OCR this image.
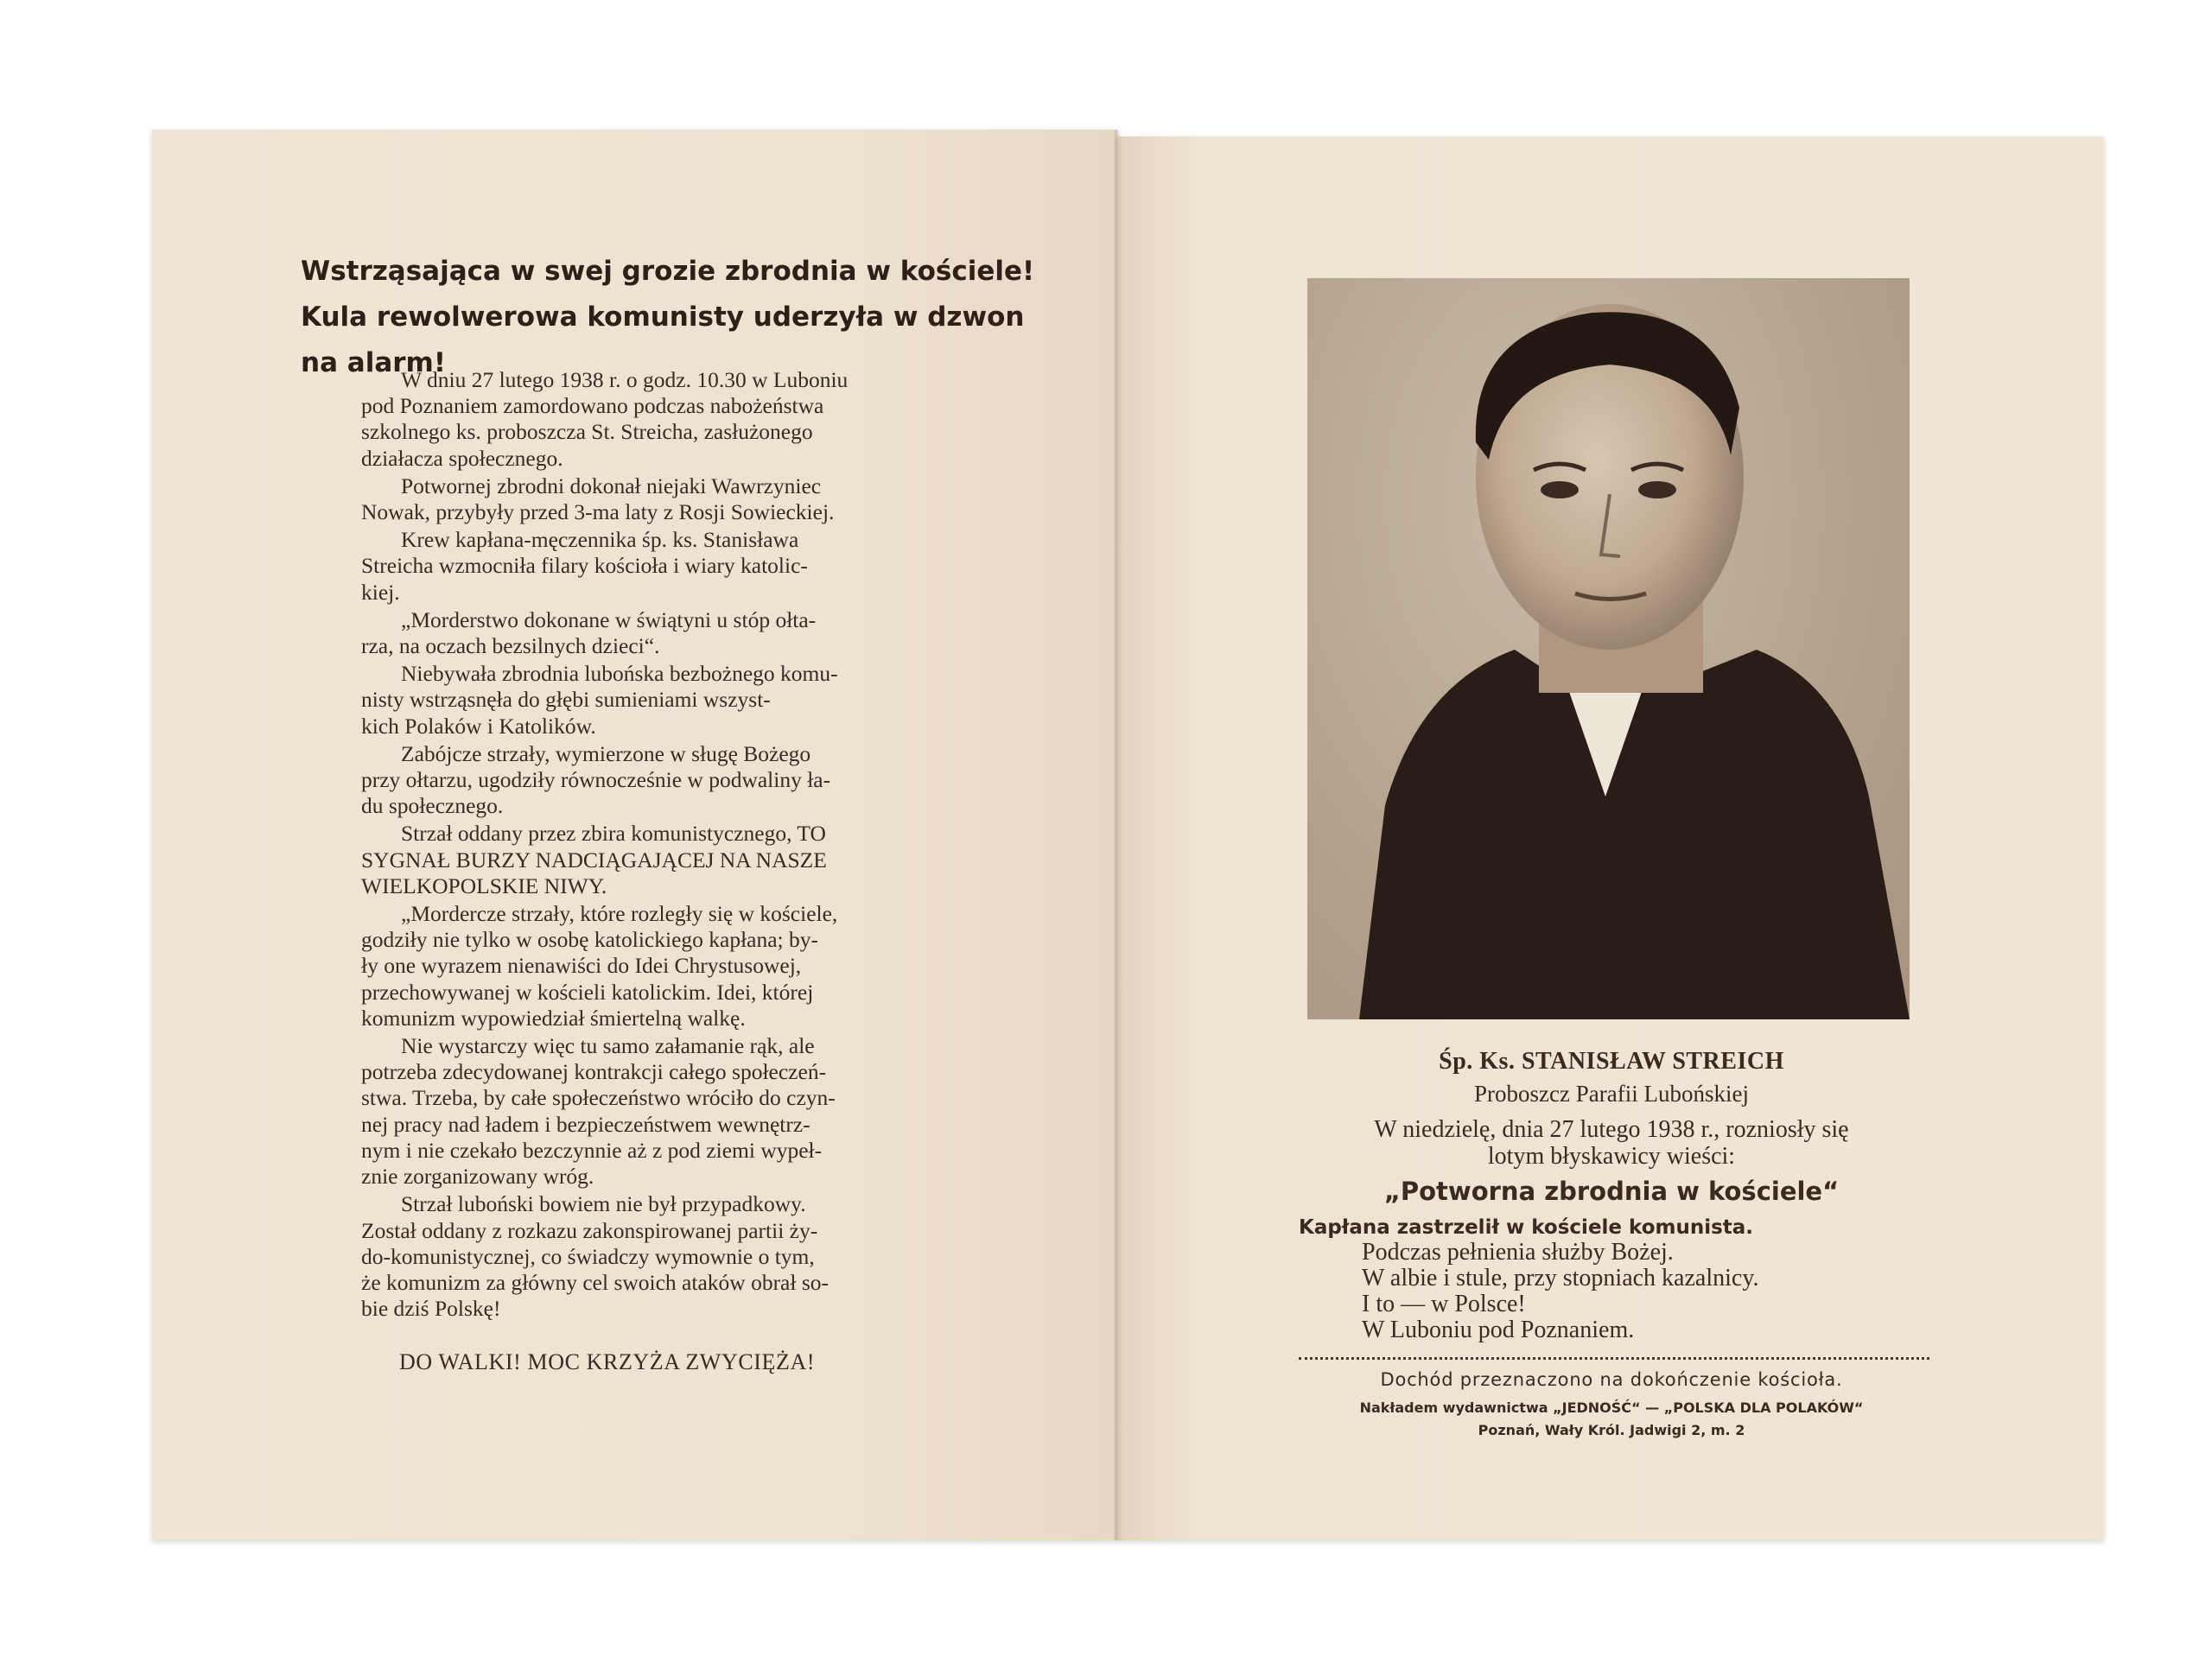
Wstrząsająca w swej grozie zbrodnia w kościele!
Kula rewolwerowa komunisty uderzyła w dzwon
na alarm!
W dniu 27 lutego 1938 r. o godz. 10.30 w Luboniu
pod Poznaniem zamordowano podczas nabożeństwa
szkolnego ks. proboszcza St. Streicha, zasłużonego
działacza społecznego.
Potwornej zbrodni dokonał niejaki Wawrzyniec
Nowak, przybyły przed 3-ma laty z Rosji Sowieckiej.
Krew kapłana-męczennika śp. ks. Stanisława
Streicha wzmocniła filary kościoła i wiary katolic-
kiej.
„Morderstwo dokonane w świątyni u stóp ołta-
rza, na oczach bezsilnych dzieci“.
Niebywała zbrodnia lubońska bezbożnego komu-
nisty wstrząsnęła do głębi sumieniami wszyst-
kich Polaków i Katolików.
Zabójcze strzały, wymierzone w sługę Bożego
przy ołtarzu, ugodziły równocześnie w podwaliny ła-
du społecznego.
Strzał oddany przez zbira komunistycznego, TO
SYGNAŁ BURZY NADCIĄGAJĄCEJ NA NASZE
WIELKOPOLSKIE NIWY.
„Mordercze strzały, które rozległy się w kościele,
godziły nie tylko w osobę katolickiego kapłana; by-
ły one wyrazem nienawiści do Idei Chrystusowej,
przechowywanej w kościeli katolickim. Idei, której
komunizm wypowiedział śmiertelną walkę.
Nie wystarczy więc tu samo załamanie rąk, ale
potrzeba zdecydowanej kontrakcji całego społeczeń-
stwa. Trzeba, by całe społeczeństwo wróciło do czyn-
nej pracy nad ładem i bezpieczeństwem wewnętrz-
nym i nie czekało bezczynnie aż z pod ziemi wypeł-
znie zorganizowany wróg.
Strzał luboński bowiem nie był przypadkowy.
Został oddany z rozkazu zakonspirowanej partii ży-
do-komunistycznej, co świadczy wymownie o tym,
że komunizm za główny cel swoich ataków obrał so-
bie dziś Polskę!
DO WALKI! MOC KRZYŻA ZWYCIĘŻA!
Śp. Ks. STANISŁAW STREICH
Proboszcz Parafii Lubońskiej
W niedzielę, dnia 27 lutego 1938 r., rozniosły się
lotym błyskawicy wieści:
„Potworna zbrodnia w kościele“
Kapłana zastrzelił w kościele komunista.
Podczas pełnienia służby Bożej.
W albie i stule, przy stopniach kazalnicy.
I to — w Polsce!
W Luboniu pod Poznaniem.
Dochód przeznaczono na dokończenie kościoła.
Nakładem wydawnictwa „JEDNOŚĆ“ — „POLSKA DLA POLAKÓW“
Poznań, Wały Król. Jadwigi 2, m. 2
